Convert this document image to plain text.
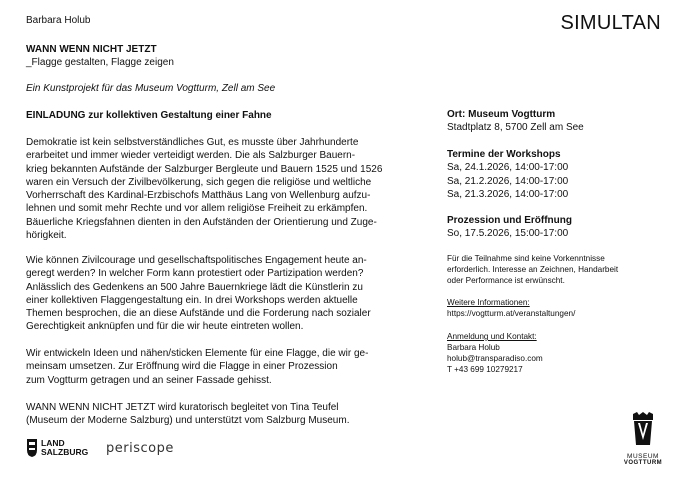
Barbara Holub	SIMULTAN
WANN WENN NICHT JETZT
_Flagge gestalten, Flagge zeigen
Ein Kunstprojekt für das Museum Vogtturm, Zell am See
EINLADUNG zur kollektiven Gestaltung einer Fahne
Demokratie ist kein selbstverständliches Gut, es musste über Jahrhunderte
erarbeitet und immer wieder verteidigt werden. Die als Salzburger Bauern-
krieg bekannten Aufstände der Salzburger Bergleute und Bauern 1525 und 1526
waren ein Versuch der Zivilbevölkerung, sich gegen die religiöse und weltliche
Vorherrschaft des Kardinal-Erzbischofs Matthäus Lang von Wellenburg aufzu-
lehnen und somit mehr Rechte und vor allem religiöse Freiheit zu erkämpfen.
Bäuerliche Kriegsfahnen dienten in den Aufständen der Orientierung und Zuge-
hörigkeit.
Wie können Zivilcourage und gesellschaftspolitisches Engagement heute an-
geregt werden? In welcher Form kann protestiert oder Partizipation werden?
Anlässlich des Gedenkens an 500 Jahre Bauernkriege lädt die Künstlerin zu
einer kollektiven Flaggengestaltung ein. In drei Workshops werden aktuelle
Themen besprochen, die an diese Aufstände und die Forderung nach sozialer
Gerechtigkeit anknüpfen und für die wir heute eintreten wollen.
Wir entwickeln Ideen und nähen/sticken Elemente für eine Flagge, die wir ge-
meinsam umsetzen. Zur Eröffnung wird die Flagge in einer Prozession
zum Vogtturm getragen und an seiner Fassade gehisst.
WANN WENN NICHT JETZT wird kuratorisch begleitet von Tina Teufel
(Museum der Moderne Salzburg) und unterstützt vom Salzburg Museum.
Ort: Museum Vogtturm
Stadtplatz 8, 5700 Zell am See
Termine der Workshops
Sa, 24.1.2026, 14:00-17:00
Sa, 21.2.2026, 14:00-17:00
Sa, 21.3.2026, 14:00-17:00
Prozession und Eröffnung
So, 17.5.2026, 15:00-17:00
Für die Teilnahme sind keine Vorkenntnisse
erforderlich. Interesse an Zeichnen, Handarbeit
oder Performance ist erwünscht.
Weitere Informationen:
https://vogtturm.at/veranstaltungen/
Anmeldung und Kontakt:
Barbara Holub
holub@transparadiso.com
T +43 699 10279217
LAND
SALZBURG periscope
MUSEUM
VOGTTURM
